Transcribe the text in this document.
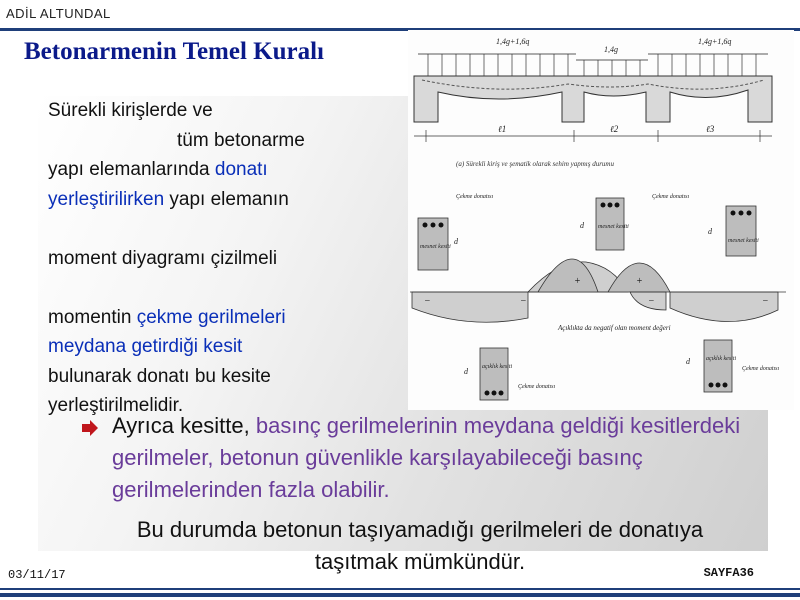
ADİL ALTUNDAL
Betonarmenin Temel Kuralı
Sürekli kirişlerde ve
tüm betonarme
yapı elemanlarında donatı
yerleştirilirken yapı elemanın
moment diyagramı çizilmeli
momentin çekme gerilmeleri
meydana getirdiği kesit
bulunarak donatı bu kesite
yerleştirilmelidir.
1,4g+1,6q
1,4g
1,4g+1,6q
ℓ1	ℓ2	ℓ3
(a) Sürekli kiriş ve şematik olarak sehim yapmış durumu
−
+	+
−	−	−
Açıklıkta da negatif olan moment değeri
mesnet kesiti
d
Çekme donatısı
mesnet kesiti
d
Çekme donatısı
mesnet kesiti
d
açıklık kesiti
d
Çekme donatısı
açıklık kesiti
d
Çekme donatısı
Ayrıca kesitte, basınç gerilmelerinin meydana geldiği kesitlerdeki gerilmeler, betonun güvenlikle karşılayabileceği basınç gerilmelerinden fazla olabilir.
Bu durumda betonun taşıyamadığı gerilmeleri de donatıya taşıtmak mümkündür.
03/11/17	SAYFA36
